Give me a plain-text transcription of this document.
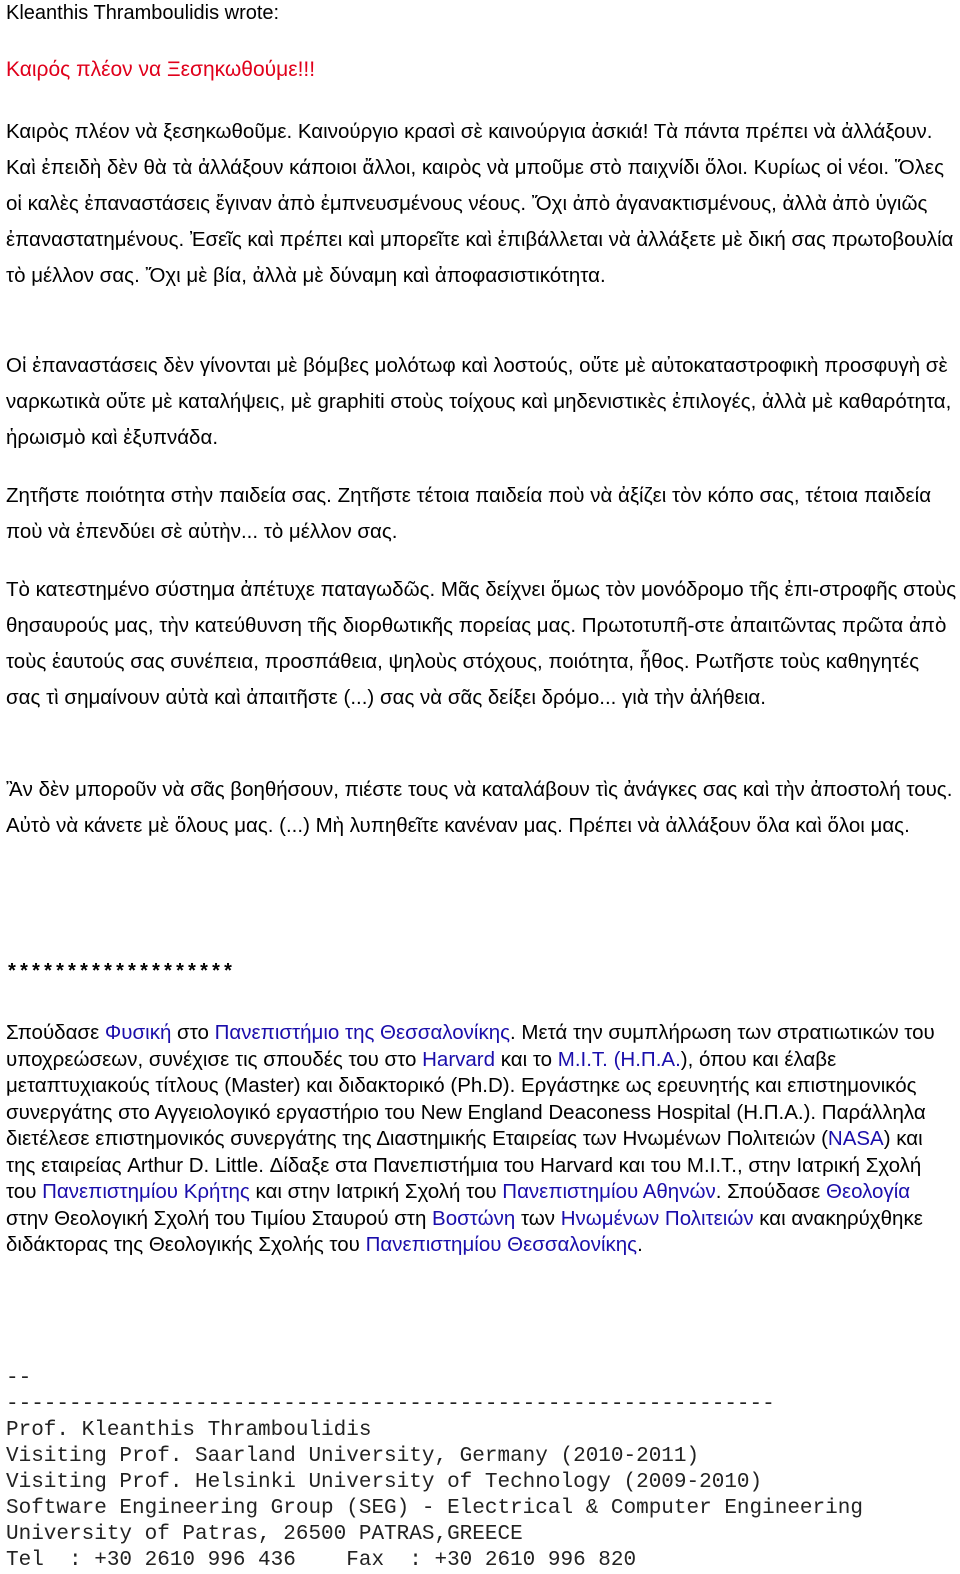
Kleanthis Thramboulidis wrote:
Καιρός πλέον να Ξεσηκωθούμε!!!
Καιρὸς πλέον νὰ ξεσηκωθοῦμε. Καινούργιο κρασὶ σὲ καινούργια ἀσκιά! Τὰ πάντα πρέπει νὰ ἀλλάξουν. Καὶ ἐπειδὴ δὲν θὰ τὰ ἀλλάξουν κάποιοι ἄλλοι, καιρὸς νὰ μποῦμε στὸ παιχνίδι ὅλοι. Κυρίως οἱ νέοι. Ὅλες οἱ καλὲς ἐπαναστάσεις ἔγιναν ἀπὸ ἐμπνευσμένους νέους. Ὄχι ἀπὸ ἀγανακτισμένους, ἀλλὰ ἀπὸ ὑγιῶς ἐπαναστατημένους. Ἐσεῖς καὶ πρέπει καὶ μπορεῖτε καὶ ἐπιβάλλεται νὰ ἀλλάξετε μὲ δική σας πρωτοβουλία τὸ μέλλον σας. Ὄχι μὲ βία, ἀλλὰ μὲ δύναμη καὶ ἀποφασιστικότητα.
Οἱ ἐπαναστάσεις δὲν γίνονται μὲ βόμβες μολότωφ καὶ λοστούς, οὔτε μὲ αὐτοκαταστροφικὴ προσφυγὴ σὲ ναρκωτικὰ οὔτε μὲ καταλήψεις, μὲ graphiti στοὺς τοίχους καὶ μηδενιστικὲς ἐπιλογές, ἀλλὰ μὲ καθαρότητα, ἡρωισμὸ καὶ ἐξυπνάδα.
Ζητῆστε ποιότητα στὴν παιδεία σας. Ζητῆστε τέτοια παιδεία ποὺ νὰ ἀξίζει τὸν κόπο σας, τέτοια παιδεία ποὺ νὰ ἐπενδύει σὲ αὐτὴν... τὸ μέλλον σας.
Τὸ κατεστημένο σύστημα ἀπέτυχε παταγωδῶς. Μᾶς δείχνει ὅμως τὸν μονόδρομο τῆς ἐπι-στροφῆς στοὺς θησαυρούς μας, τὴν κατεύθυνση τῆς διορθωτικῆς πορείας μας. Πρωτοτυπῆ-στε ἀπαιτῶντας πρῶτα ἀπὸ τοὺς ἑαυτούς σας συνέπεια, προσπάθεια, ψηλοὺς στόχους, ποιότητα, ἦθος. Ρωτῆστε τοὺς καθηγητές σας τὶ σημαίνουν αὐτὰ καὶ ἀπαιτῆστε (...) σας νὰ σᾶς δείξει δρόμο... γιὰ τὴν ἀλήθεια.
Ἂν δὲν μποροῦν νὰ σᾶς βοηθήσουν, πιέστε τους νὰ καταλάβουν τὶς ἀνάγκες σας καὶ τὴν ἀποστολή τους. Αὐτὸ νὰ κάνετε μὲ ὅλους μας. (...) Μὴ λυπηθεῖτε κανέναν μας. Πρέπει νὰ ἀλλάξουν ὅλα καὶ ὅλοι μας.
*******************
Σπούδασε Φυσική στο Πανεπιστήμιο της Θεσσαλονίκης. Μετά την συμπλήρωση των στρατιωτικών του υποχρεώσεων, συνέχισε τις σπουδές του στο Harvard και το M.I.T. (Η.Π.Α.), όπου και έλαβε μεταπτυχιακούς τίτλους (Master) και διδακτορικό (Ph.D). Εργάστηκε ως ερευνητής και επιστημονικός συνεργάτης στο Αγγειολογικό εργαστήριο του New England Deaconess Hospital (Η.Π.Α.). Παράλληλα διετέλεσε επιστημονικός συνεργάτης της Διαστημικής Εταιρείας των Ηνωμένων Πολιτειών (NASA) και της εταιρείας Arthur D. Little. Δίδαξε στα Πανεπιστήμια του Harvard και του M.I.T., στην Ιατρική Σχολή του Πανεπιστημίου Κρήτης και στην Ιατρική Σχολή του Πανεπιστημίου Αθηνών. Σπούδασε Θεολογία στην Θεολογική Σχολή του Τιμίου Σταυρού στη Βοστώνη των Ηνωμένων Πολιτειών και ανακηρύχθηκε διδάκτορας της Θεολογικής Σχολής του Πανεπιστημίου Θεσσαλονίκης.
--
-------------------------------------------------------------
Prof. Kleanthis Thramboulidis
Visiting Prof. Saarland University, Germany (2010-2011)
Visiting Prof. Helsinki University of Technology (2009-2010)
Software Engineering Group (SEG) - Electrical & Computer Engineering
University of Patras, 26500 PATRAS,GREECE
Tel  : +30 2610 996 436    Fax  : +30 2610 996 820
